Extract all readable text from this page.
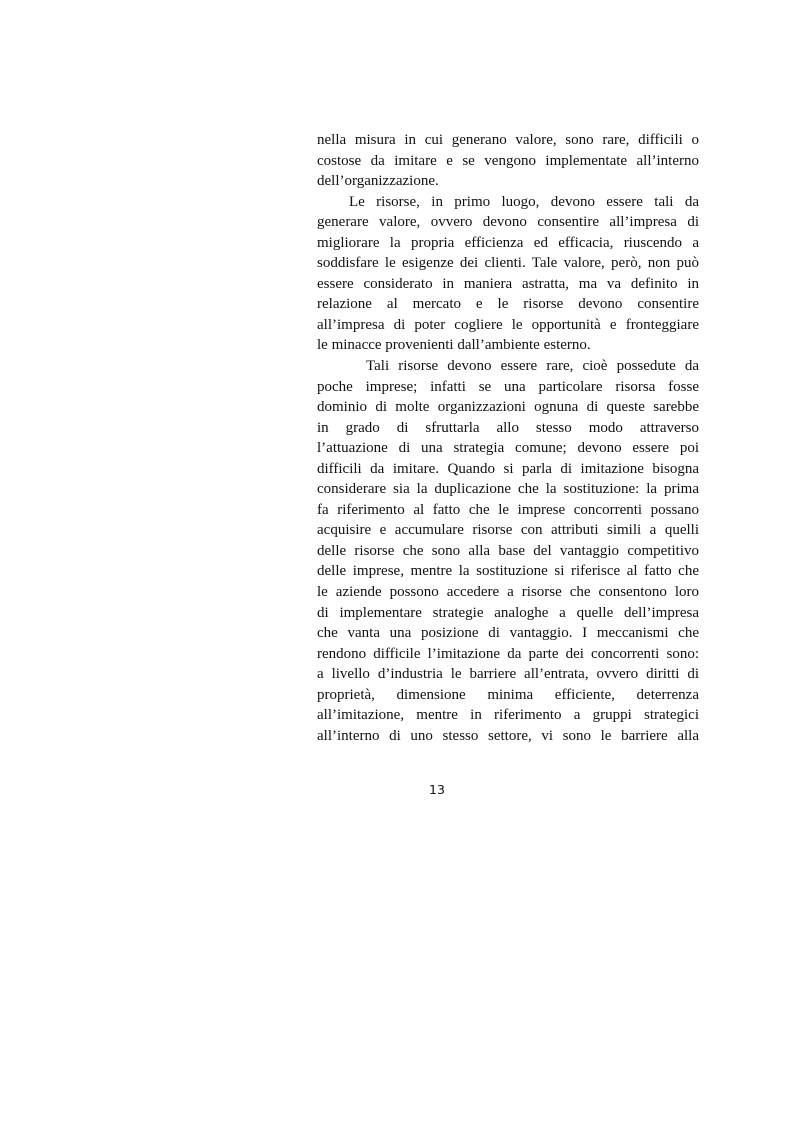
nella misura in cui generano valore, sono rare, difficili o
costose da imitare e se vengono implementate all’interno
dell’organizzazione.
Le risorse, in primo luogo, devono essere tali da
generare valore, ovvero devono consentire all’impresa di
migliorare la propria efficienza ed efficacia, riuscendo a
soddisfare le esigenze dei clienti. Tale valore, però, non può
essere considerato in maniera astratta, ma va definito in
relazione al mercato e le risorse devono consentire
all’impresa di poter cogliere le opportunità e fronteggiare
le minacce provenienti dall’ambiente esterno.
Tali risorse devono essere rare, cioè possedute da
poche imprese; infatti se una particolare risorsa fosse
dominio di molte organizzazioni ognuna di queste sarebbe
in grado di sfruttarla allo stesso modo attraverso
l’attuazione di una strategia comune; devono essere poi
difficili da imitare. Quando si parla di imitazione bisogna
considerare sia la duplicazione che la sostituzione: la prima
fa riferimento al fatto che le imprese concorrenti possano
acquisire e accumulare risorse con attributi simili a quelli
delle risorse che sono alla base del vantaggio competitivo
delle imprese, mentre la sostituzione si riferisce al fatto che
le aziende possono accedere a risorse che consentono loro
di implementare strategie analoghe a quelle dell’impresa
che vanta una posizione di vantaggio. I meccanismi che
rendono difficile l’imitazione da parte dei concorrenti sono:
a livello d’industria le barriere all’entrata, ovvero diritti di
proprietà, dimensione minima efficiente, deterrenza
all’imitazione, mentre in riferimento a gruppi strategici
all’interno di uno stesso settore, vi sono le barriere alla
13
